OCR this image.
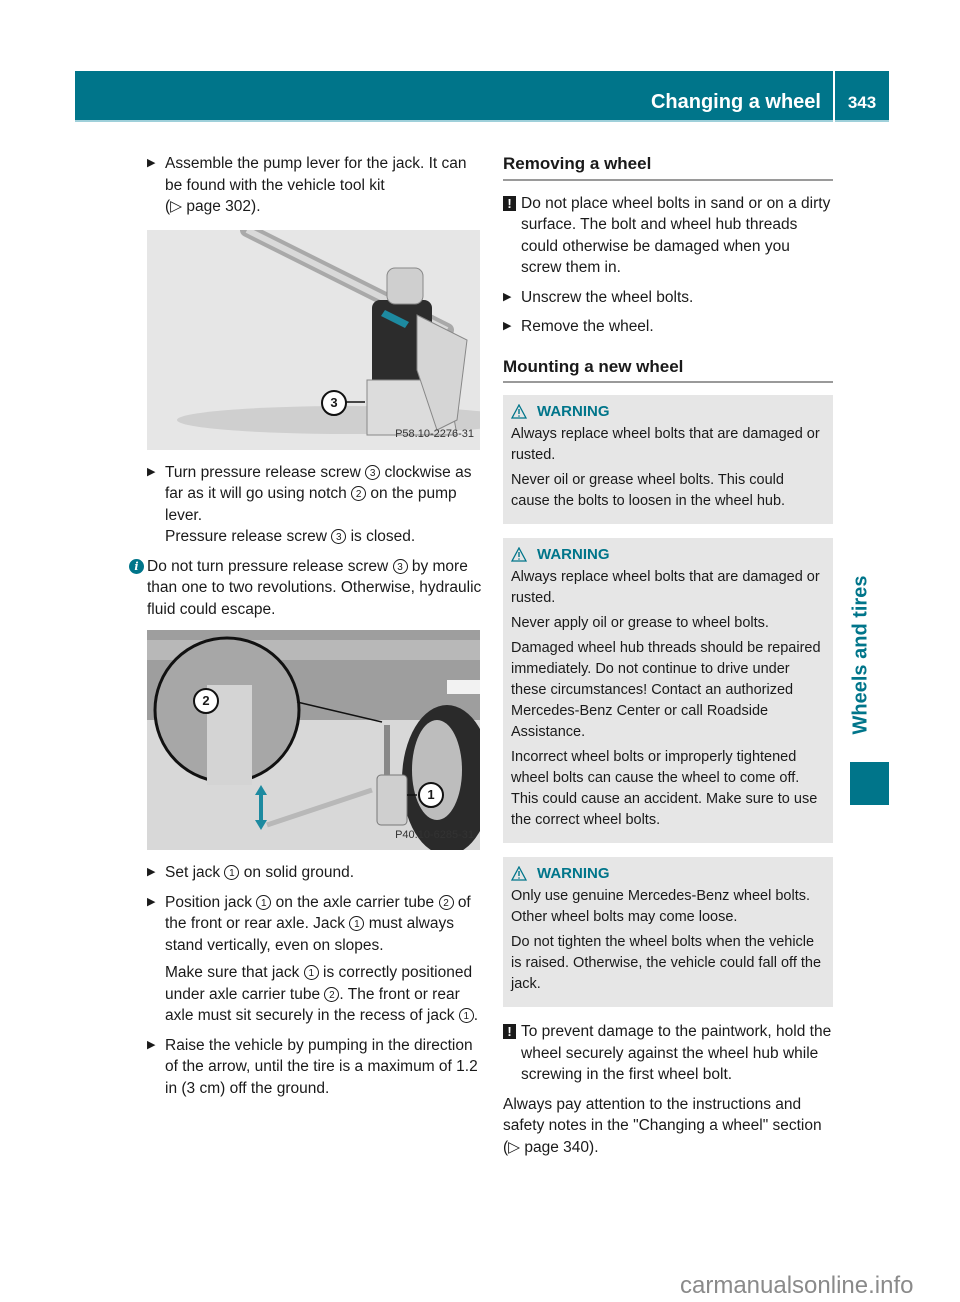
Changing a wheel	343
Wheels and tires
▶ Assemble the pump lever for the jack. It can be found with the vehicle tool kit
(▷ page 302).
3
P58.10-2276-31
▶ Turn pressure release screw 3 clockwise as far as it will go using notch 2 on the pump lever.
Pressure release screw 3 is closed.
i Do not turn pressure release screw 3 by more than one to two revolutions. Otherwise, hydraulic fluid could escape.
2
1
P40.10-6285-31
▶ Set jack 1 on solid ground.
▶ Position jack 1 on the axle carrier tube 2 of the front or rear axle. Jack 1 must always stand vertically, even on slopes.
Make sure that jack 1 is correctly positioned under axle carrier tube 2 . The front or rear axle must sit securely in the recess of jack 1 .
▶ Raise the vehicle by pumping in the direction of the arrow, until the tire is a maximum of 1.2 in (3 cm) off the ground.
Removing a wheel
! Do not place wheel bolts in sand or on a dirty surface. The bolt and wheel hub threads could otherwise be damaged when you screw them in.
▶ Unscrew the wheel bolts.
▶ Remove the wheel.
Mounting a new wheel
WARNING

Always replace wheel bolts that are damaged or rusted.

Never oil or grease wheel bolts. This could cause the bolts to loosen in the wheel hub.

WARNING

Always replace wheel bolts that are damaged or rusted.

Never apply oil or grease to wheel bolts.

Damaged wheel hub threads should be repaired immediately. Do not continue to drive under these circumstances! Contact an authorized Mercedes-Benz Center or call Roadside Assistance.

Incorrect wheel bolts or improperly tightened wheel bolts can cause the wheel to come off. This could cause an accident. Make sure to use the correct wheel bolts.

WARNING

Only use genuine Mercedes-Benz wheel bolts. Other wheel bolts may come loose.

Do not tighten the wheel bolts when the vehicle is raised. Otherwise, the vehicle could fall off the jack.

! To prevent damage to the paintwork, hold the wheel securely against the wheel hub while screwing in the first wheel bolt.

Always pay attention to the instructions and safety notes in the "Changing a wheel" section (▷ page 340).

carmanualsonline.info
